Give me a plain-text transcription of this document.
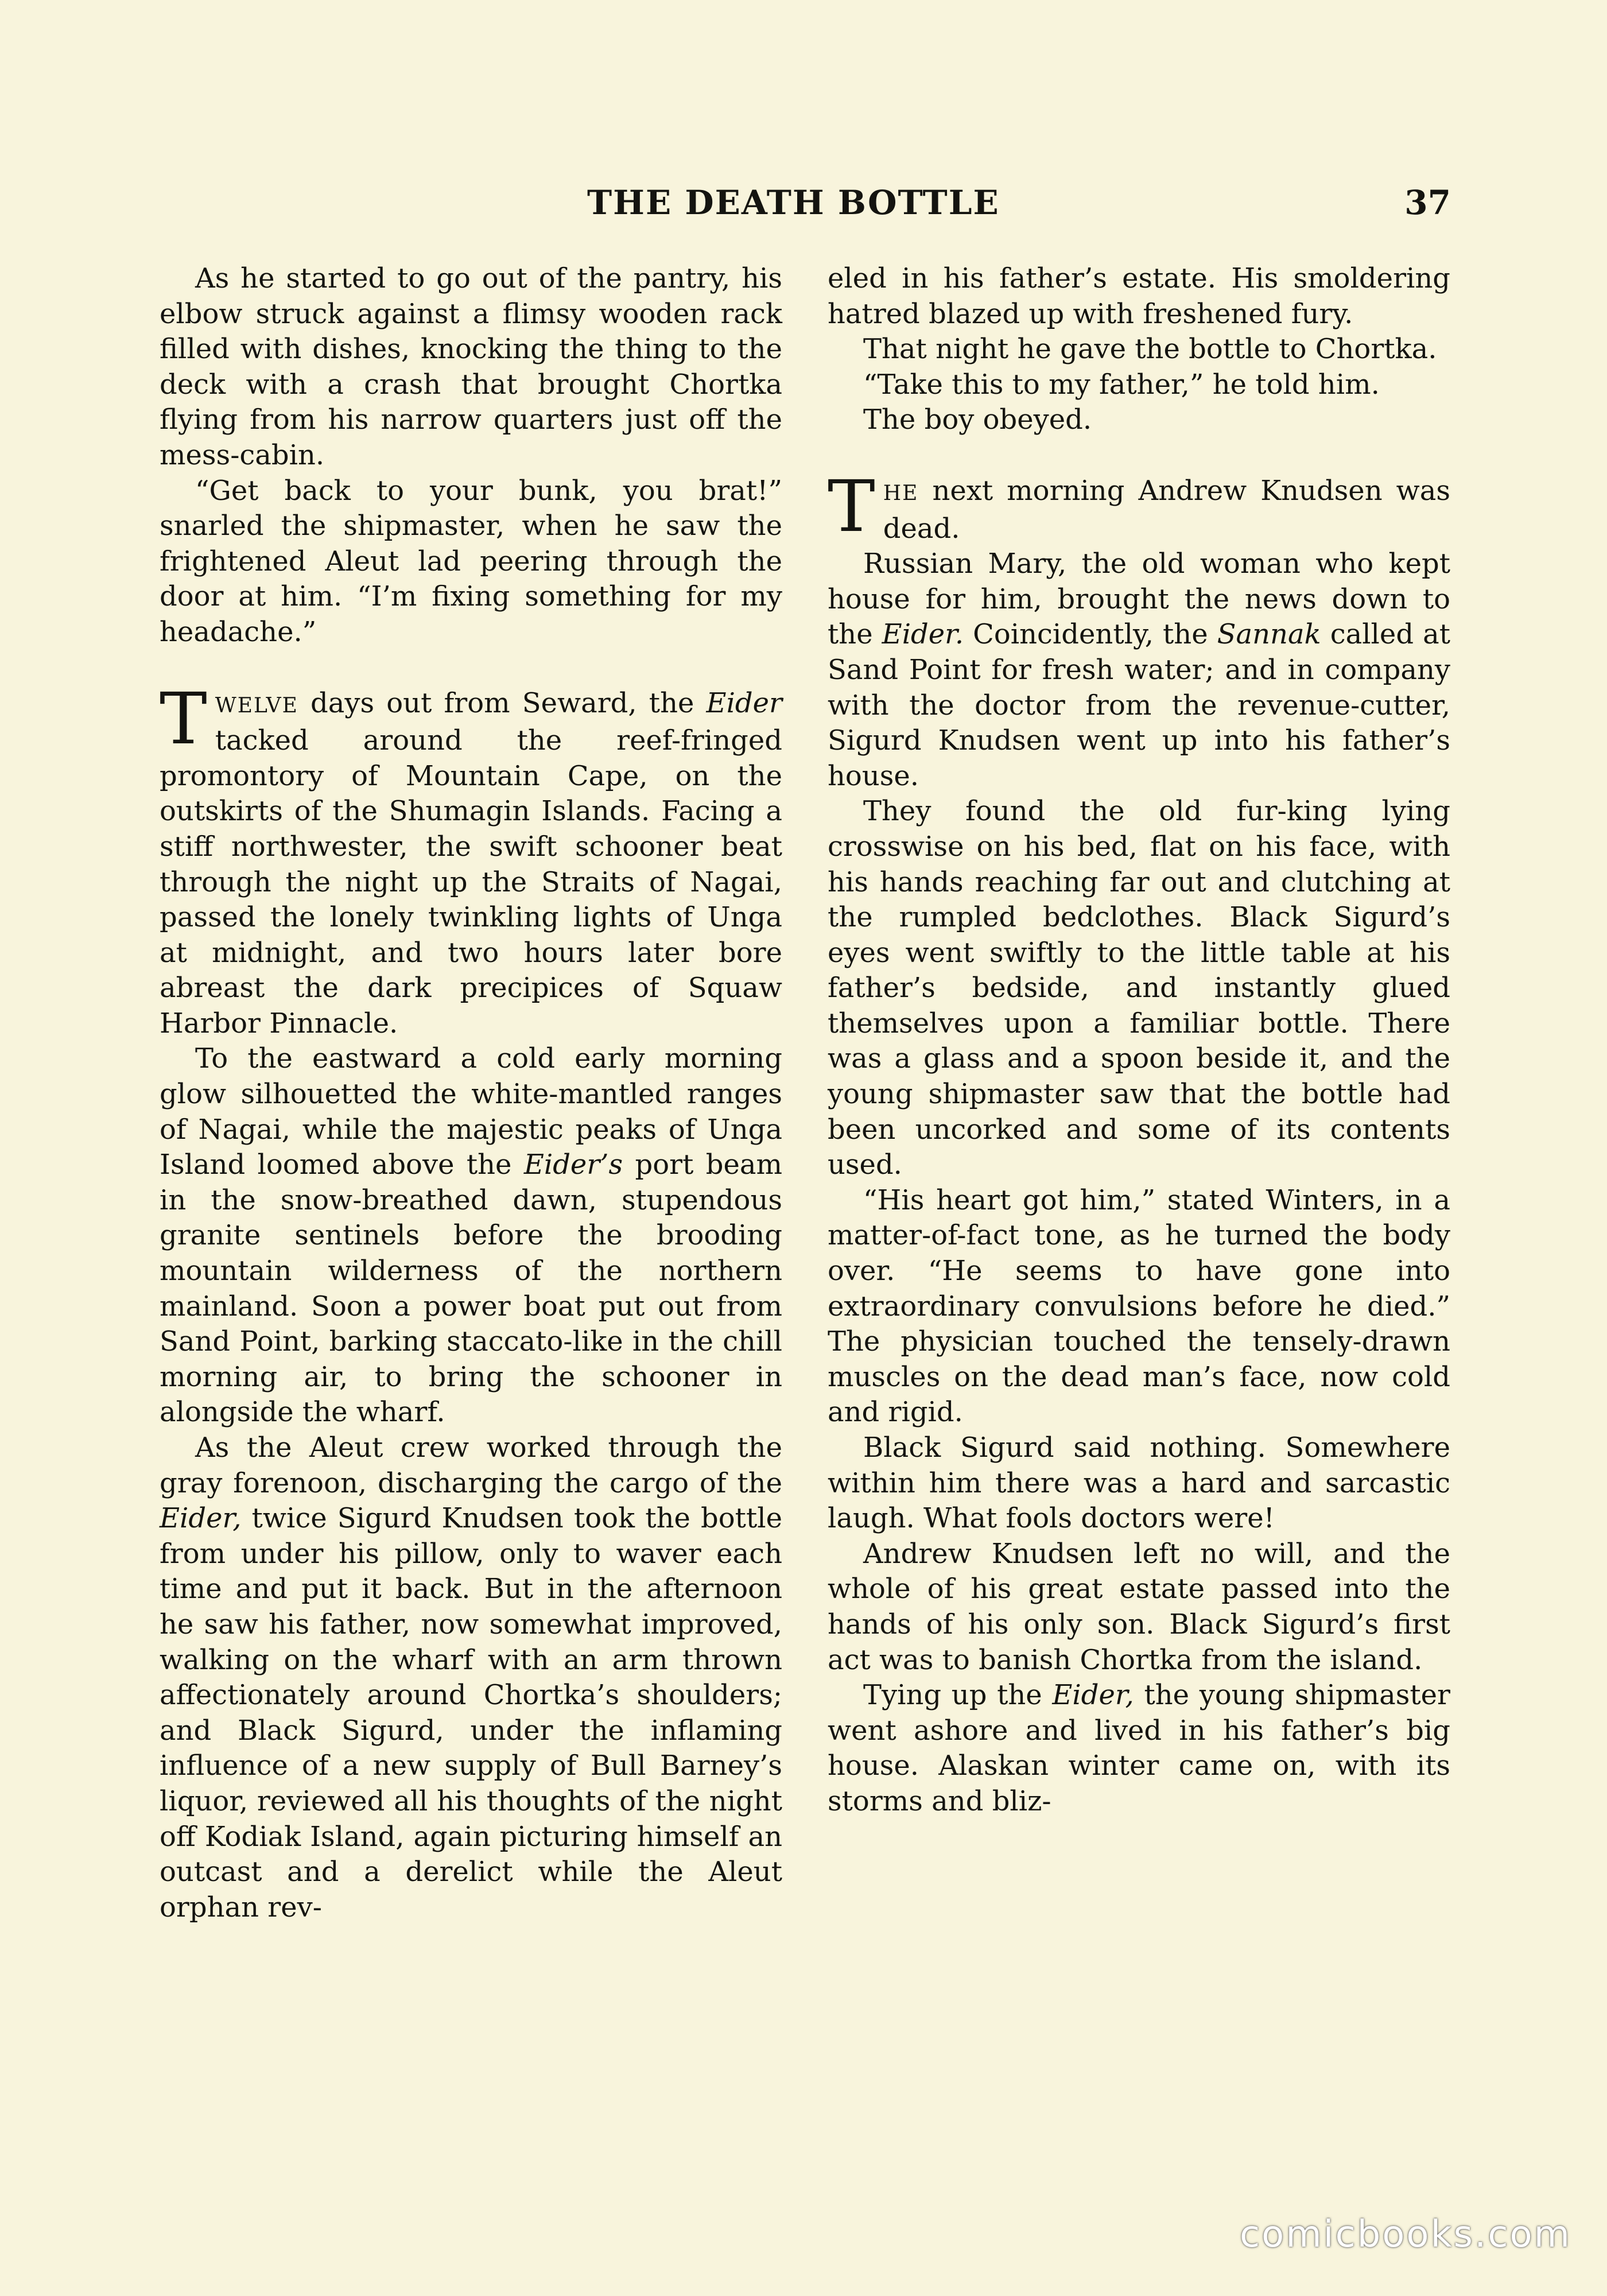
THE DEATH BOTTLE	37

As he started to go out of the pantry, his elbow struck against a flimsy wooden rack filled with dishes, knocking the thing to the deck with a crash that brought Chortka flying from his narrow quarters just off the mess-cabin.

“Get back to your bunk, you brat!” snarled the shipmaster, when he saw the frightened Aleut lad peering through the door at him. “I’m fixing something for my headache.”

TWELVE days out from Seward, the Eider tacked around the reef-fringed promontory of Mountain Cape, on the outskirts of the Shumagin Islands. Facing a stiff northwester, the swift schooner beat through the night up the Straits of Nagai, passed the lonely twinkling lights of Unga at midnight, and two hours later bore abreast the dark precipices of Squaw Harbor Pinnacle.

To the eastward a cold early morning glow silhouetted the white-mantled ranges of Nagai, while the majestic peaks of Unga Island loomed above the Eider’s port beam in the snow-breathed dawn, stupendous granite sentinels before the brooding mountain wilderness of the northern mainland. Soon a power boat put out from Sand Point, barking staccato-like in the chill morning air, to bring the schooner in alongside the wharf.

As the Aleut crew worked through the gray forenoon, discharging the cargo of the Eider, twice Sigurd Knudsen took the bottle from under his pillow, only to waver each time and put it back. But in the afternoon he saw his father, now somewhat improved, walking on the wharf with an arm thrown affectionately around Chortka’s shoulders; and Black Sigurd, under the inflaming influence of a new supply of Bull Barney’s liquor, reviewed all his thoughts of the night off Kodiak Island, again picturing himself an outcast and a derelict while the Aleut orphan rev-

eled in his father’s estate. His smoldering hatred blazed up with freshened fury.

That night he gave the bottle to Chortka.

“Take this to my father,” he told him.

The boy obeyed.

THE next morning Andrew Knudsen was dead.

Russian Mary, the old woman who kept house for him, brought the news down to the Eider. Coincidently, the Sannak called at Sand Point for fresh water; and in company with the doctor from the revenue-cutter, Sigurd Knudsen went up into his father’s house.

They found the old fur-king lying crosswise on his bed, flat on his face, with his hands reaching far out and clutching at the rumpled bedclothes. Black Sigurd’s eyes went swiftly to the little table at his father’s bedside, and instantly glued themselves upon a familiar bottle. There was a glass and a spoon beside it, and the young shipmaster saw that the bottle had been uncorked and some of its contents used.

“His heart got him,” stated Winters, in a matter-of-fact tone, as he turned the body over. “He seems to have gone into extraordinary convulsions before he died.” The physician touched the tensely-drawn muscles on the dead man’s face, now cold and rigid.

Black Sigurd said nothing. Somewhere within him there was a hard and sarcastic laugh. What fools doctors were!

Andrew Knudsen left no will, and the whole of his great estate passed into the hands of his only son. Black Sigurd’s first act was to banish Chortka from the island.

Tying up the Eider, the young shipmaster went ashore and lived in his father’s big house. Alaskan winter came on, with its storms and bliz-

comicbooks.com
